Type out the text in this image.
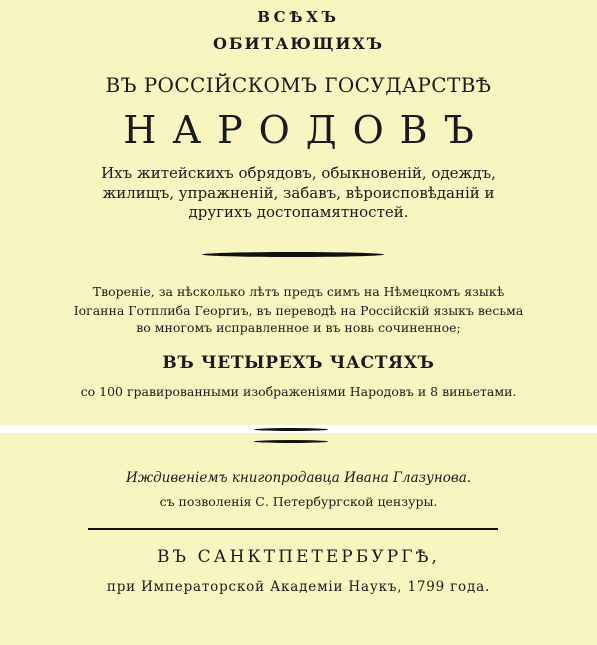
ВСѢХЪ
ОБИТАЮЩИХЪ
ВЪ РОССІЙСКОМЪ ГОСУДАРСТВѢ
НАРОДОВЪ
Ихъ житейскихъ обрядовъ, обыкновеній, одеждъ,
жилищъ, упражненій, забавъ, вѣроисповѣданій и
другихъ достопамятностей.
Твореніе, за нѣсколько лѣтъ предъ симъ на Нѣмецкомъ языкѣ
Іоганна Готплиба Георгиъ, въ переводѣ на Россійскій языкъ весьма
во многомъ исправленное и въ новь сочиненное;
ВЪ ЧЕТЫРЕХЪ ЧАСТЯХЪ
со 100 гравированными изображеніями Народовъ и 8 виньетами.
Иждивеніемъ книгопродавца Ивана Глазунова.
съ позволенія С. Петербургской цензуры.
ВЪ САНКТПЕТЕРБУРГѢ,
при Императорской Академіи Наукъ, 1799 года.
